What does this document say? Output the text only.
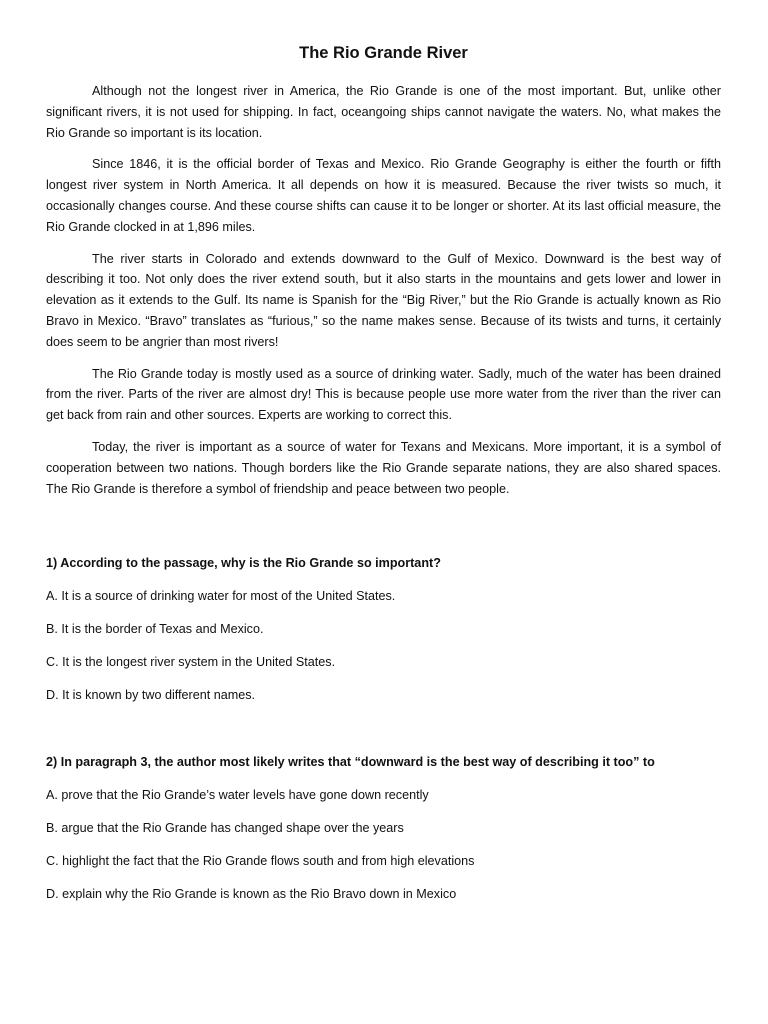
The Rio Grande River

Although not the longest river in America, the Rio Grande is one of the most important. But, unlike other significant rivers, it is not used for shipping. In fact, oceangoing ships cannot navigate the waters. No, what makes the Rio Grande so important is its location.

Since 1846, it is the official border of Texas and Mexico. Rio Grande Geography is either the fourth or fifth longest river system in North America. It all depends on how it is measured. Because the river twists so much, it occasionally changes course. And these course shifts can cause it to be longer or shorter. At its last official measure, the Rio Grande clocked in at 1,896 miles.

The river starts in Colorado and extends downward to the Gulf of Mexico. Downward is the best way of describing it too. Not only does the river extend south, but it also starts in the mountains and gets lower and lower in elevation as it extends to the Gulf. Its name is Spanish for the “Big River,” but the Rio Grande is actually known as Rio Bravo in Mexico. “Bravo” translates as “furious,” so the name makes sense. Because of its twists and turns, it certainly does seem to be angrier than most rivers!

The Rio Grande today is mostly used as a source of drinking water. Sadly, much of the water has been drained from the river. Parts of the river are almost dry! This is because people use more water from the river than the river can get back from rain and other sources. Experts are working to correct this.

Today, the river is important as a source of water for Texans and Mexicans. More important, it is a symbol of cooperation between two nations. Though borders like the Rio Grande separate nations, they are also shared spaces. The Rio Grande is therefore a symbol of friendship and peace between two people.

1) According to the passage, why is the Rio Grande so important?

A. It is a source of drinking water for most of the United States.

B. It is the border of Texas and Mexico.

C. It is the longest river system in the United States.

D. It is known by two different names.

2) In paragraph 3, the author most likely writes that “downward is the best way of describing it too” to

A. prove that the Rio Grande’s water levels have gone down recently

B. argue that the Rio Grande has changed shape over the years

C. highlight the fact that the Rio Grande flows south and from high elevations

D. explain why the Rio Grande is known as the Rio Bravo down in Mexico
